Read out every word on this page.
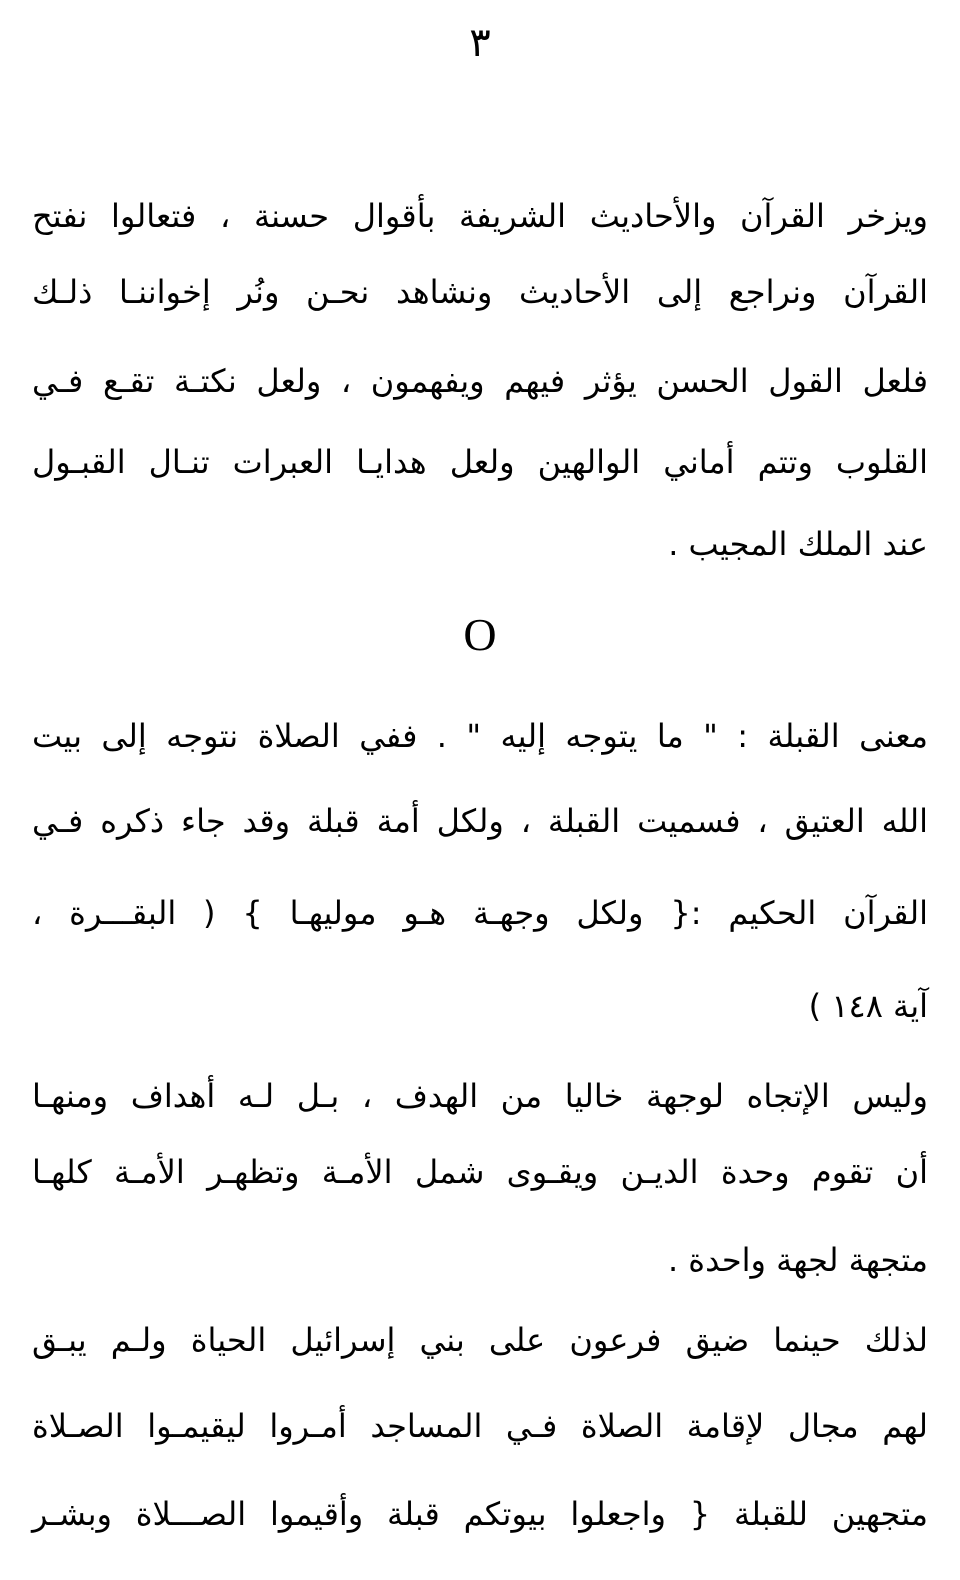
٣
ويزخر القرآن والأحاديث الشريفة بأقوال حسنة ، فتعالوا نفتح
القرآن ونراجع إلى الأحاديث ونشاهد نحـن ونُر إخواننـا ذلـك
فلعل القول الحسن يؤثر فيهم ويفهمون ، ولعل نكتـة تقـع فـي
القلوب وتتم أماني الوالهين ولعل هدايـا العبرات تنـال القبـول
عند الملك المجيب .
O
معنى القبلة : " ما يتوجه إليه " . ففي الصلاة نتوجه إلى بيت
الله العتيق ، فسميت القبلة ، ولكل أمة قبلة وقد جاء ذكره فـي
القرآن الحكيم :{ ولكل وجهـة هـو موليهـا } ( البقـــرة ،
آية ١٤٨ )
وليس الإتجاه لوجهة خاليا من الهدف ، بـل لـه أهداف ومنهـا
أن تقوم وحدة الديـن ويقـوى شمل الأمـة وتظهـر الأمـة كلهـا
متجهة لجهة واحدة .
لذلك حينما ضيق فرعون على بني إسرائيل الحياة ولـم يبـق
لهم مجال لإقامة الصلاة فـي المساجد أمـروا ليقيمـوا الصـلاة
متجهين للقبلة { واجعلوا بيوتكم قبلة وأقيموا الصـــلاة وبشـر
